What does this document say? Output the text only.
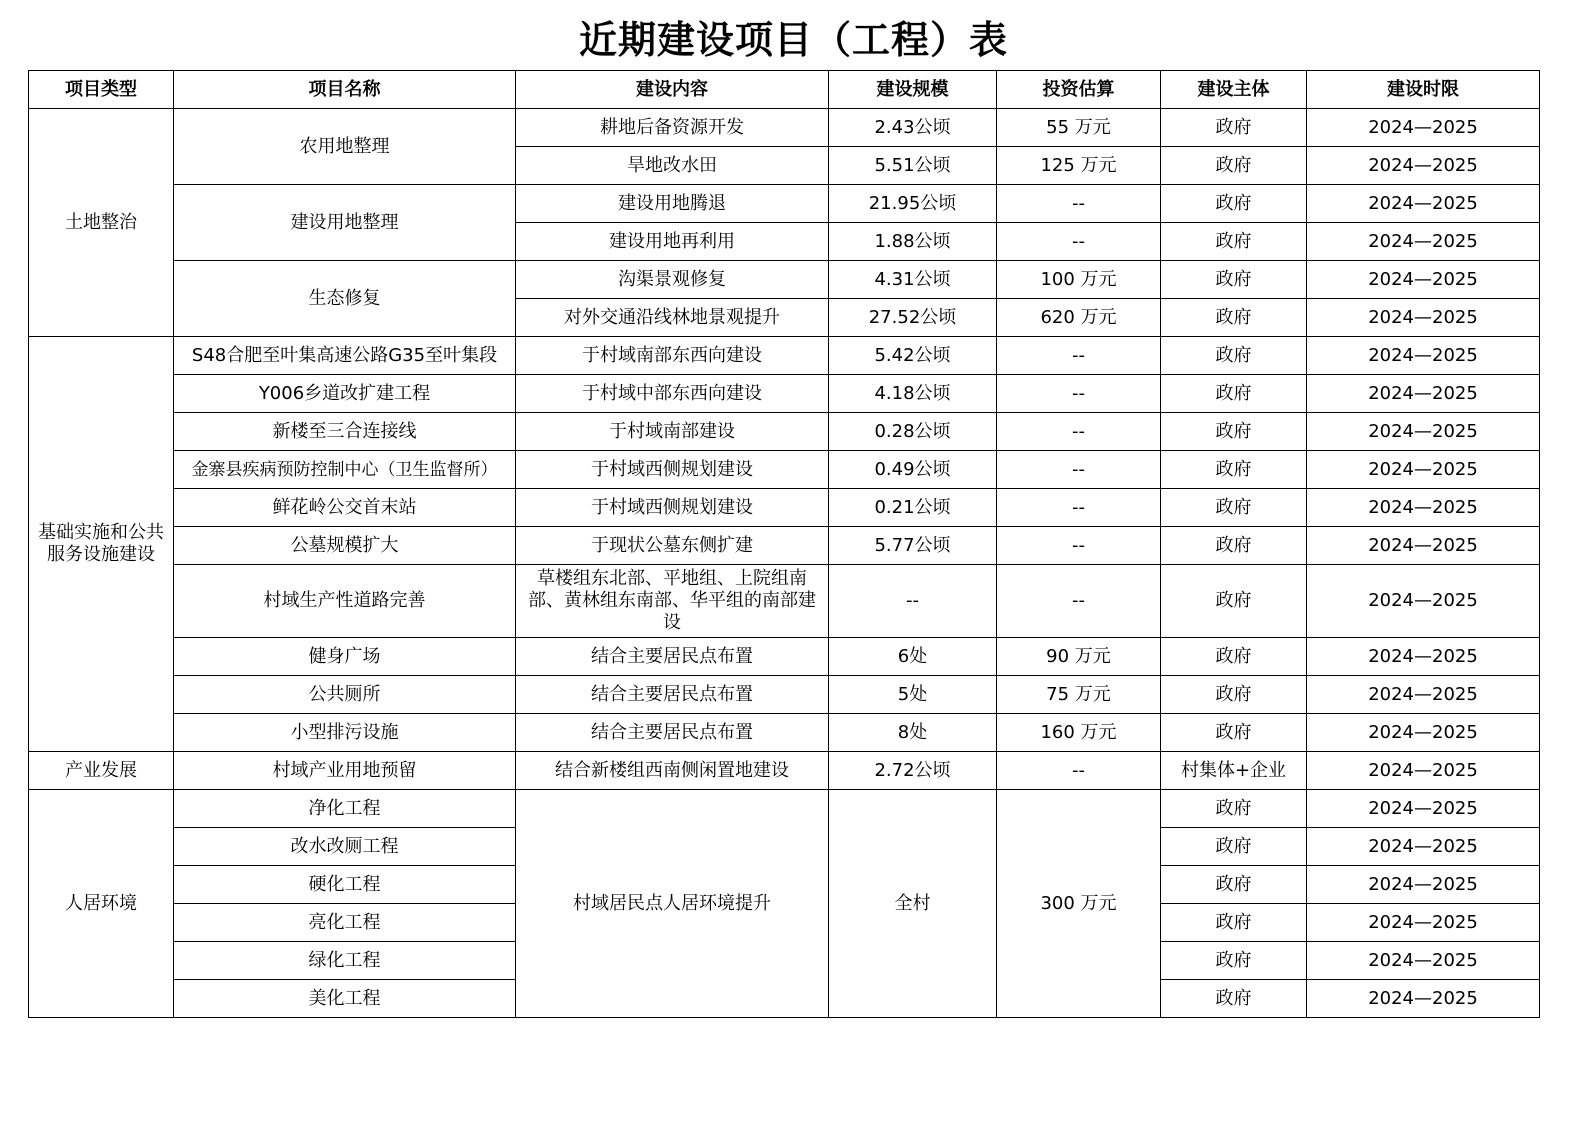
近期建设项目（工程）表
项目类型	项目名称	建设内容	建设规模	投资估算	建设主体	建设时限
土地整治	农用地整理	耕地后备资源开发	2.43公顷	55 万元	政府	2024—2025
		旱地改水田	5.51公顷	125 万元	政府	2024—2025
	建设用地整理	建设用地腾退	21.95公顷	--	政府	2024—2025
		建设用地再利用	1.88公顷	--	政府	2024—2025
	生态修复	沟渠景观修复	4.31公顷	100 万元	政府	2024—2025
		对外交通沿线林地景观提升	27.52公顷	620 万元	政府	2024—2025
基础实施和公共服务设施建设	S48合肥至叶集高速公路G35至叶集段	于村域南部东西向建设	5.42公顷	--	政府	2024—2025
	Y006乡道改扩建工程	于村域中部东西向建设	4.18公顷	--	政府	2024—2025
	新楼至三合连接线	于村域南部建设	0.28公顷	--	政府	2024—2025
	金寨县疾病预防控制中心（卫生监督所）	于村域西侧规划建设	0.49公顷	--	政府	2024—2025
	鲜花岭公交首末站	于村域西侧规划建设	0.21公顷	--	政府	2024—2025
	公墓规模扩大	于现状公墓东侧扩建	5.77公顷	--	政府	2024—2025
	村域生产性道路完善	草楼组东北部、平地组、上院组南部、黄林组东南部、华平组的南部建设	--	--	政府	2024—2025
	健身广场	结合主要居民点布置	6处	90 万元	政府	2024—2025
	公共厕所	结合主要居民点布置	5处	75 万元	政府	2024—2025
	小型排污设施	结合主要居民点布置	8处	160 万元	政府	2024—2025
产业发展	村域产业用地预留	结合新楼组西南侧闲置地建设	2.72公顷	--	村集体+企业	2024—2025
人居环境	净化工程	村域居民点人居环境提升	全村	300 万元	政府	2024—2025
	改水改厕工程				政府	2024—2025
	硬化工程				政府	2024—2025
	亮化工程				政府	2024—2025
	绿化工程				政府	2024—2025
	美化工程				政府	2024—2025
